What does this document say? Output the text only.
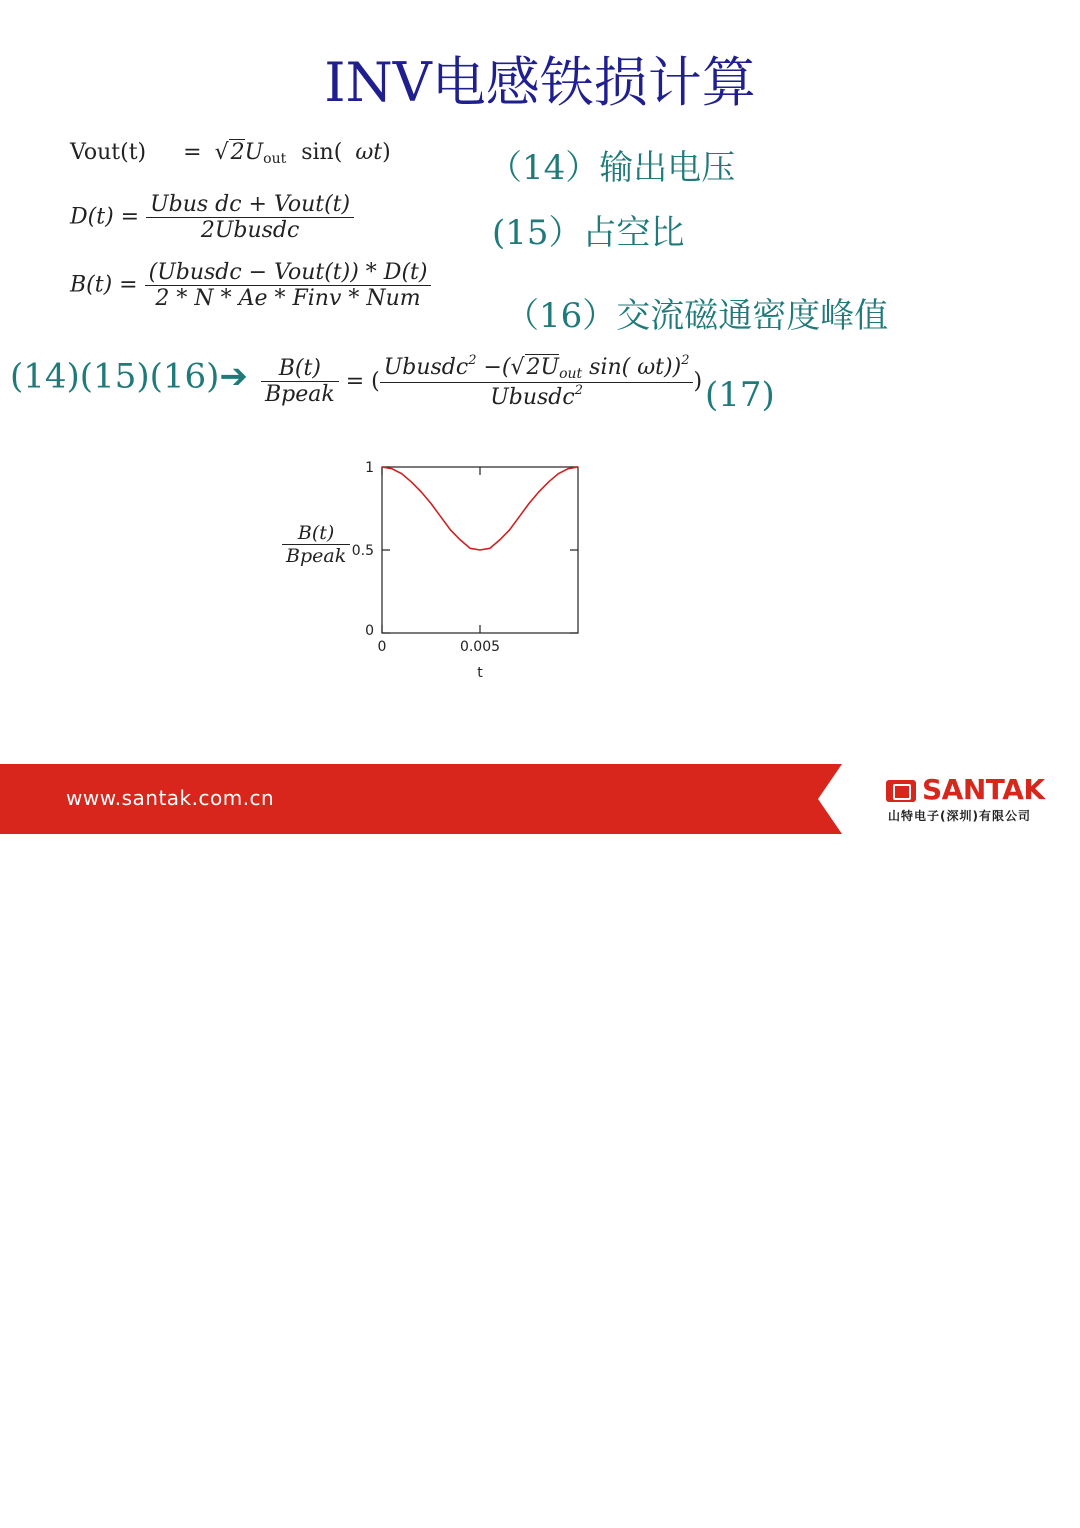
INV电感铁损计算
Vout(t) = $√2U_{out}$ sin( ωt)
$D(t) = \frac{\text{Ubus dc + Vout(t)}}{\text{2Ubusdc}}$
$B(t) = \frac{\text{(Ubusdc − Vout(t)) * D(t)}}{\text{2 * N * Ae * Finv * Num}}$
（14）输出电压
(15）占空比
（16）交流磁通密度峰值
(14)(15)(16)➔ $\frac{B(t)}{\text{Bpeak}}$ = ( $\frac{Ubusdc^2 -(√2U_{out} \sin( \omega t))^2}{Ubusdc^2}$ ) (17)
$\frac{B(t)}{\text{Bpeak}}$
0
0.5
1
0	0.005
t
www.santak.com.cn	SANTAK
山特电子(深圳)有限公司
